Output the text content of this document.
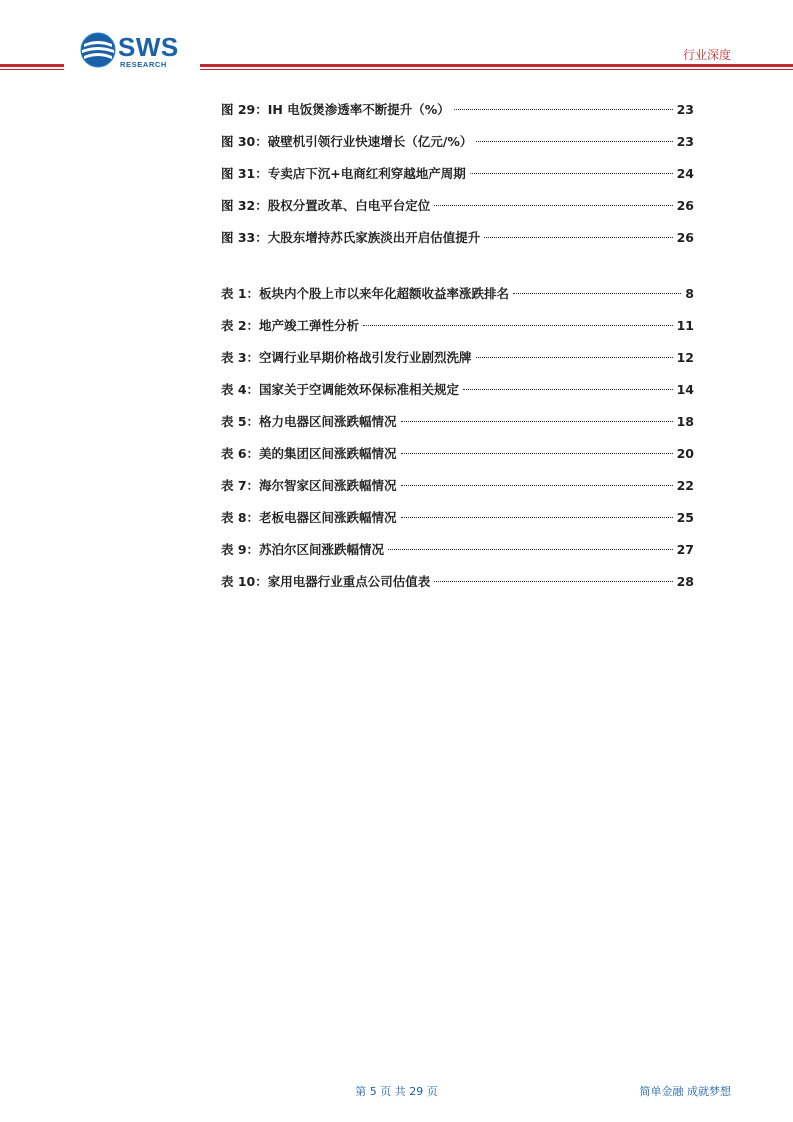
SWS
RESEARCH
行业深度
图 29：IH 电饭煲渗透率不断提升（%）	23
图 30：破壁机引领行业快速增长（亿元/%）	23
图 31：专卖店下沉+电商红利穿越地产周期	24
图 32：股权分置改革、白电平台定位	26
图 33：大股东增持苏氏家族淡出开启估值提升	26
表 1：板块内个股上市以来年化超额收益率涨跌排名	8
表 2：地产竣工弹性分析	11
表 3：空调行业早期价格战引发行业剧烈洗牌	12
表 4：国家关于空调能效环保标准相关规定	14
表 5：格力电器区间涨跌幅情况	18
表 6：美的集团区间涨跌幅情况	20
表 7：海尔智家区间涨跌幅情况	22
表 8：老板电器区间涨跌幅情况	25
表 9：苏泊尔区间涨跌幅情况	27
表 10：家用电器行业重点公司估值表	28
第 5 页 共 29 页	简单金融 成就梦想
